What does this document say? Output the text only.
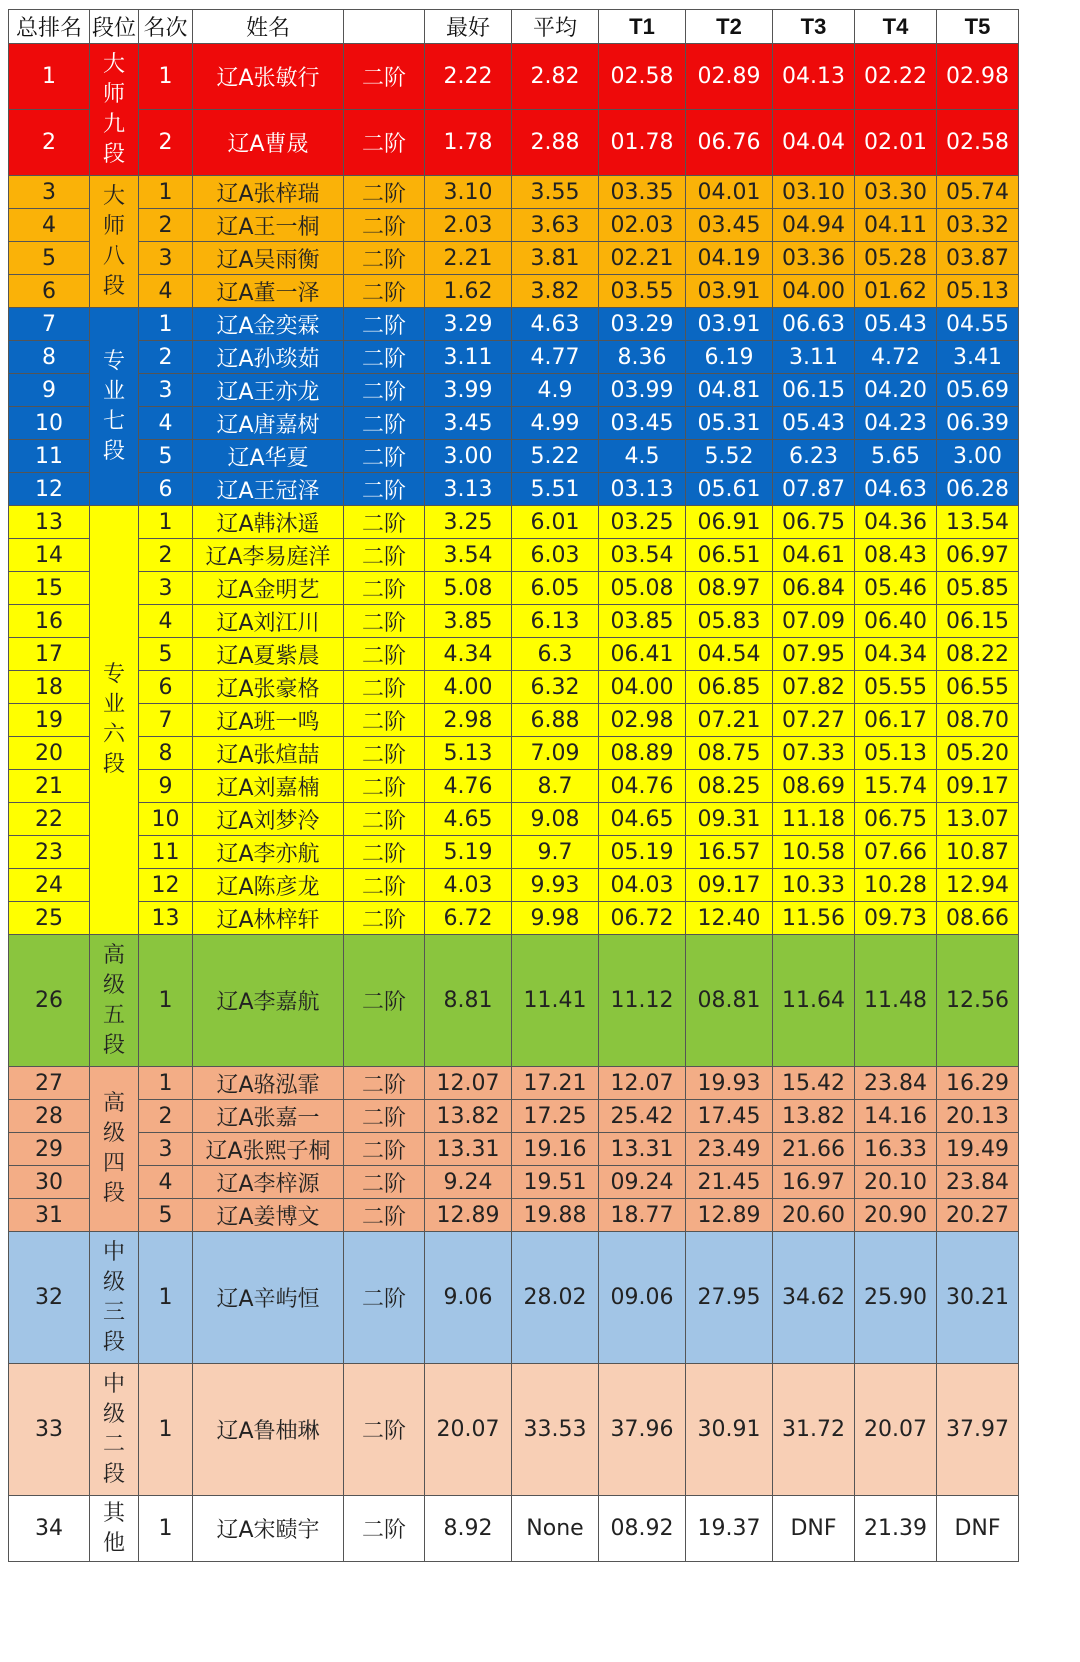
总排名	段位	名次	姓名		最好	平均	T1	T2	T3	T4	T5
1	大师九段	1	辽A张敏行	二阶	2.22	2.82	02.58	02.89	04.13	02.22	02.98
2		2	辽A曹晟	二阶	1.78	2.88	01.78	06.76	04.04	02.01	02.58
3	大师八段	1	辽A张梓瑞	二阶	3.10	3.55	03.35	04.01	03.10	03.30	05.74
4		2	辽A王一桐	二阶	2.03	3.63	02.03	03.45	04.94	04.11	03.32
5		3	辽A吴雨衡	二阶	2.21	3.81	02.21	04.19	03.36	05.28	03.87
6		4	辽A董一泽	二阶	1.62	3.82	03.55	03.91	04.00	01.62	05.13
7	专业七段	1	辽A金奕霖	二阶	3.29	4.63	03.29	03.91	06.63	05.43	04.55
8		2	辽A孙琰茹	二阶	3.11	4.77	8.36	6.19	3.11	4.72	3.41
9		3	辽A王亦龙	二阶	3.99	4.9	03.99	04.81	06.15	04.20	05.69
10		4	辽A唐嘉树	二阶	3.45	4.99	03.45	05.31	05.43	04.23	06.39
11		5	辽A华夏	二阶	3.00	5.22	4.5	5.52	6.23	5.65	3.00
12		6	辽A王冠泽	二阶	3.13	5.51	03.13	05.61	07.87	04.63	06.28
13	专业六段	1	辽A韩沐遥	二阶	3.25	6.01	03.25	06.91	06.75	04.36	13.54
14		2	辽A李易庭洋	二阶	3.54	6.03	03.54	06.51	04.61	08.43	06.97
15		3	辽A金明艺	二阶	5.08	6.05	05.08	08.97	06.84	05.46	05.85
16		4	辽A刘江川	二阶	3.85	6.13	03.85	05.83	07.09	06.40	06.15
17		5	辽A夏紫晨	二阶	4.34	6.3	06.41	04.54	07.95	04.34	08.22
18		6	辽A张豪格	二阶	4.00	6.32	04.00	06.85	07.82	05.55	06.55
19		7	辽A班一鸣	二阶	2.98	6.88	02.98	07.21	07.27	06.17	08.70
20		8	辽A张煊喆	二阶	5.13	7.09	08.89	08.75	07.33	05.13	05.20
21		9	辽A刘嘉楠	二阶	4.76	8.7	04.76	08.25	08.69	15.74	09.17
22		10	辽A刘梦泠	二阶	4.65	9.08	04.65	09.31	11.18	06.75	13.07
23		11	辽A李亦航	二阶	5.19	9.7	05.19	16.57	10.58	07.66	10.87
24		12	辽A陈彦龙	二阶	4.03	9.93	04.03	09.17	10.33	10.28	12.94
25		13	辽A林梓轩	二阶	6.72	9.98	06.72	12.40	11.56	09.73	08.66
26	高级五段	1	辽A李嘉航	二阶	8.81	11.41	11.12	08.81	11.64	11.48	12.56
27	高级四段	1	辽A骆泓霏	二阶	12.07	17.21	12.07	19.93	15.42	23.84	16.29
28		2	辽A张嘉一	二阶	13.82	17.25	25.42	17.45	13.82	14.16	20.13
29		3	辽A张熙子桐	二阶	13.31	19.16	13.31	23.49	21.66	16.33	19.49
30		4	辽A李梓源	二阶	9.24	19.51	09.24	21.45	16.97	20.10	23.84
31		5	辽A姜博文	二阶	12.89	19.88	18.77	12.89	20.60	20.90	20.27
32	中级三段	1	辽A辛屿恒	二阶	9.06	28.02	09.06	27.95	34.62	25.90	30.21
33	中级二段	1	辽A鲁柚琳	二阶	20.07	33.53	37.96	30.91	31.72	20.07	37.97
34	其他	1	辽A宋赜宇	二阶	8.92	None	08.92	19.37	DNF	21.39	DNF
